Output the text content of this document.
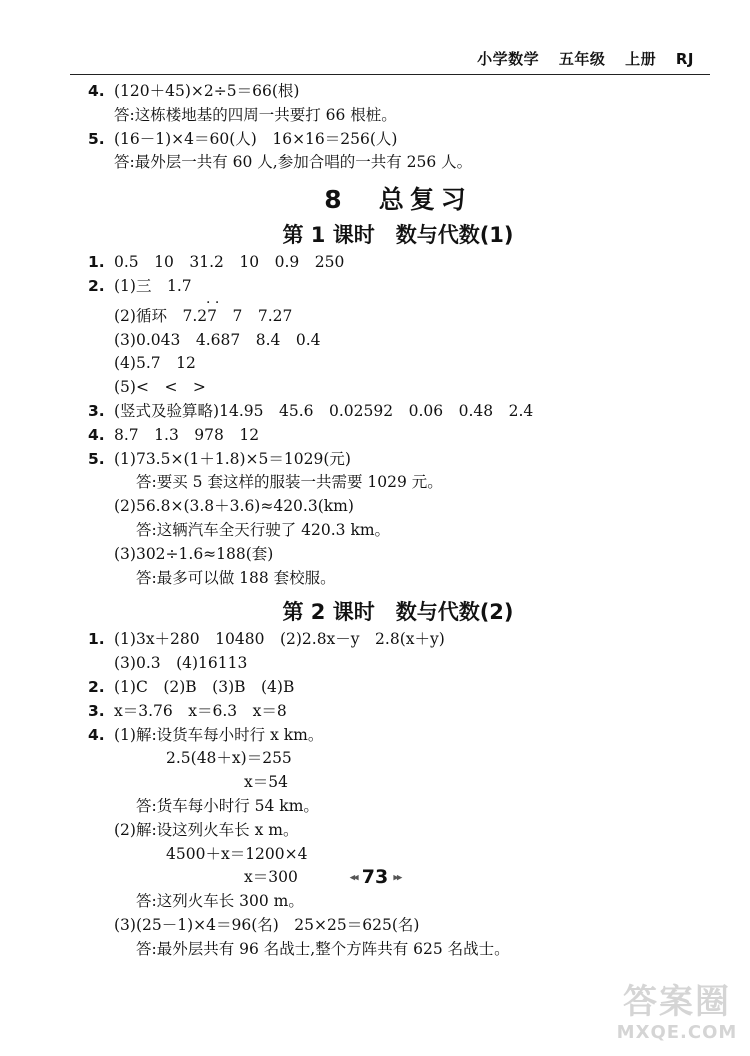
小学数学 五年级 上册 RJ
4. (120＋45)×2÷5＝66(根)
答:这栋楼地基的四周一共要打 66 根桩。
5. (16－1)×4＝60(人)　16×16＝256(人)
答:最外层一共有 60 人,参加合唱的一共有 256 人。
8　总复习
第 1 课时　数与代数(1)
1. 0.5　10　31.2　10　0.9　250
2. (1)三　1.7
· ·
(2)循环　7.27　7　7.27
(3)0.043　4.687　8.4　0.4
(4)5.7　12
(5)<　<　>
3. (竖式及验算略)14.95　45.6　0.02592　0.06　0.48　2.4
4. 8.7　1.3　978　12
5. (1)73.5×(1＋1.8)×5＝1029(元)
答:要买 5 套这样的服装一共需要 1029 元。
(2)56.8×(3.8＋3.6)≈420.3(km)
答:这辆汽车全天行驶了 420.3 km。
(3)302÷1.6≈188(套)
答:最多可以做 188 套校服。
第 2 课时　数与代数(2)
1. (1)3x＋280　10480　(2)2.8x－y　2.8(x＋y)
(3)0.3　(4)16113
2. (1)C　(2)B　(3)B　(4)B
3. x＝3.76　x＝6.3　x＝8
4. (1)解:设货车每小时行 x km。
2.5(48＋x)＝255
x＝54
答:货车每小时行 54 km。
(2)解:设这列火车长 x m。
4500＋x＝1200×4
x＝300
答:这列火车长 300 m。
(3)(25－1)×4＝96(名)　25×25＝625(名)
答:最外层共有 96 名战士,整个方阵共有 625 名战士。
◂◂ 73 ▸▸
答案圈
MXQE.COM
